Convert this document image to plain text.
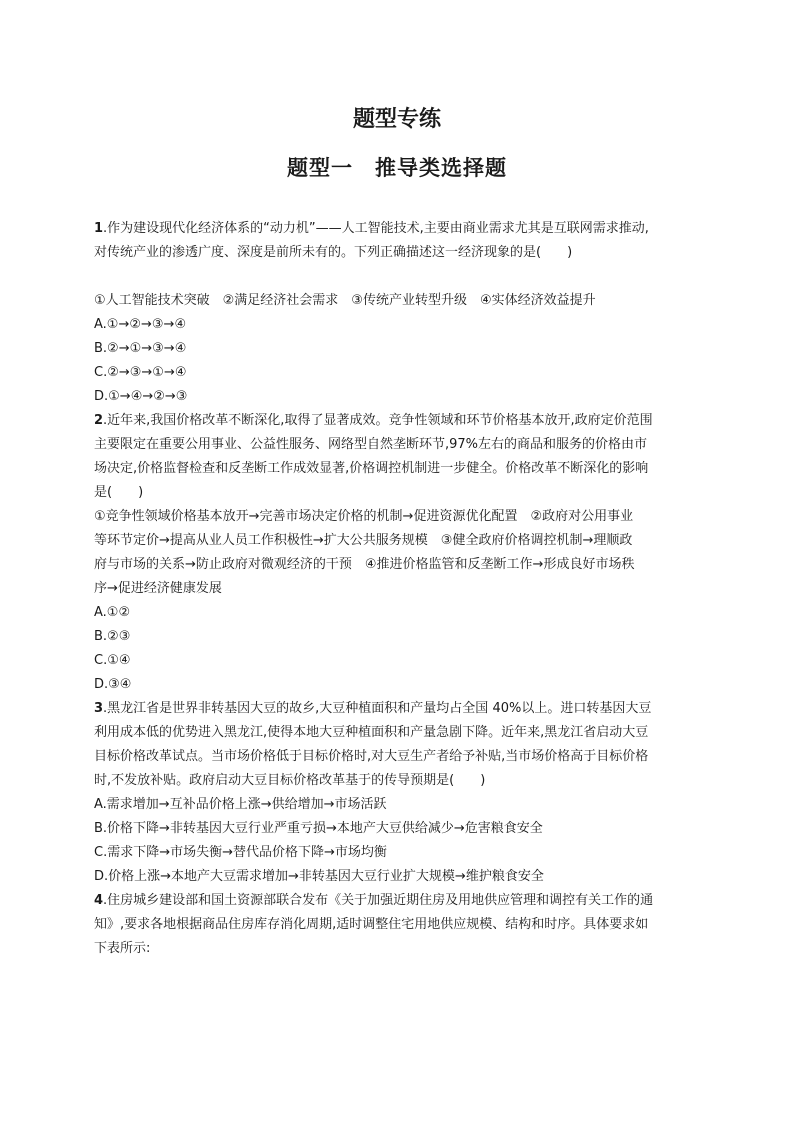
题型专练
题型一　推导类选择题
1.作为建设现代化经济体系的“动力机”——人工智能技术,主要由商业需求尤其是互联网需求推动,
对传统产业的渗透广度、深度是前所未有的。下列正确描述这一经济现象的是(　　)
①人工智能技术突破　②满足经济社会需求　③传统产业转型升级　④实体经济效益提升
A.①→②→③→④
B.②→①→③→④
C.②→③→①→④
D.①→④→②→③
2.近年来,我国价格改革不断深化,取得了显著成效。竞争性领域和环节价格基本放开,政府定价范围
主要限定在重要公用事业、公益性服务、网络型自然垄断环节,97%左右的商品和服务的价格由市
场决定,价格监督检查和反垄断工作成效显著,价格调控机制进一步健全。价格改革不断深化的影响
是(　　)
①竞争性领域价格基本放开→完善市场决定价格的机制→促进资源优化配置　②政府对公用事业
等环节定价→提高从业人员工作积极性→扩大公共服务规模　③健全政府价格调控机制→理顺政
府与市场的关系→防止政府对微观经济的干预　④推进价格监管和反垄断工作→形成良好市场秩
序→促进经济健康发展
A.①②
B.②③
C.①④
D.③④
3.黑龙江省是世界非转基因大豆的故乡,大豆种植面积和产量均占全国 40%以上。进口转基因大豆
利用成本低的优势进入黑龙江,使得本地大豆种植面积和产量急剧下降。近年来,黑龙江省启动大豆
目标价格改革试点。当市场价格低于目标价格时,对大豆生产者给予补贴,当市场价格高于目标价格
时,不发放补贴。政府启动大豆目标价格改革基于的传导预期是(　　)
A.需求增加→互补品价格上涨→供给增加→市场活跃
B.价格下降→非转基因大豆行业严重亏损→本地产大豆供给减少→危害粮食安全
C.需求下降→市场失衡→替代品价格下降→市场均衡
D.价格上涨→本地产大豆需求增加→非转基因大豆行业扩大规模→维护粮食安全
4.住房城乡建设部和国土资源部联合发布《关于加强近期住房及用地供应管理和调控有关工作的通
知》,要求各地根据商品住房库存消化周期,适时调整住宅用地供应规模、结构和时序。具体要求如
下表所示:
